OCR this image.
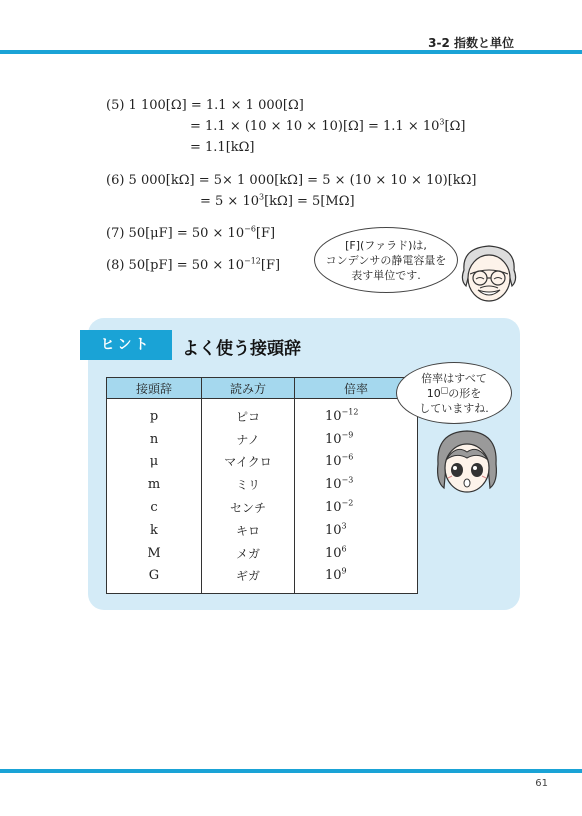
3-2 指数と単位
(5) 1 100[Ω] = 1.1 × 1 000[Ω]
= $1.1 \times (10 \times 10 \times 10)[\Omega] = 1.1 \times 10^3[\Omega]$
= 1.1[kΩ]
(6) 5 000[kΩ] = 5× 1 000[kΩ] = 5 × (10 × 10 × 10)[kΩ]
= $5 \times 10^3[k\Omega] = 5[M\Omega]$
(7) $50[\mu F] = 50 \times 10^{-6}[F]$
(8) $50[pF] = 50 \times 10^{-12}[F]$
[F](ファラド)は,
コンデンサの静電容量を
表す単位です.
ヒント	よく使う接頭辞
接頭辞	読み方	倍率
p	ピコ	$10^{-12}$
n	ナノ	$10^{-9}$
μ	マイクロ	$10^{-6}$
m	ミリ	$10^{-3}$
c	センチ	$10^{-2}$
k	キロ	$10^3$
M	メガ	$10^6$
G	ギガ	$10^9$
倍率はすべて
10□の形を
していますね.
61
